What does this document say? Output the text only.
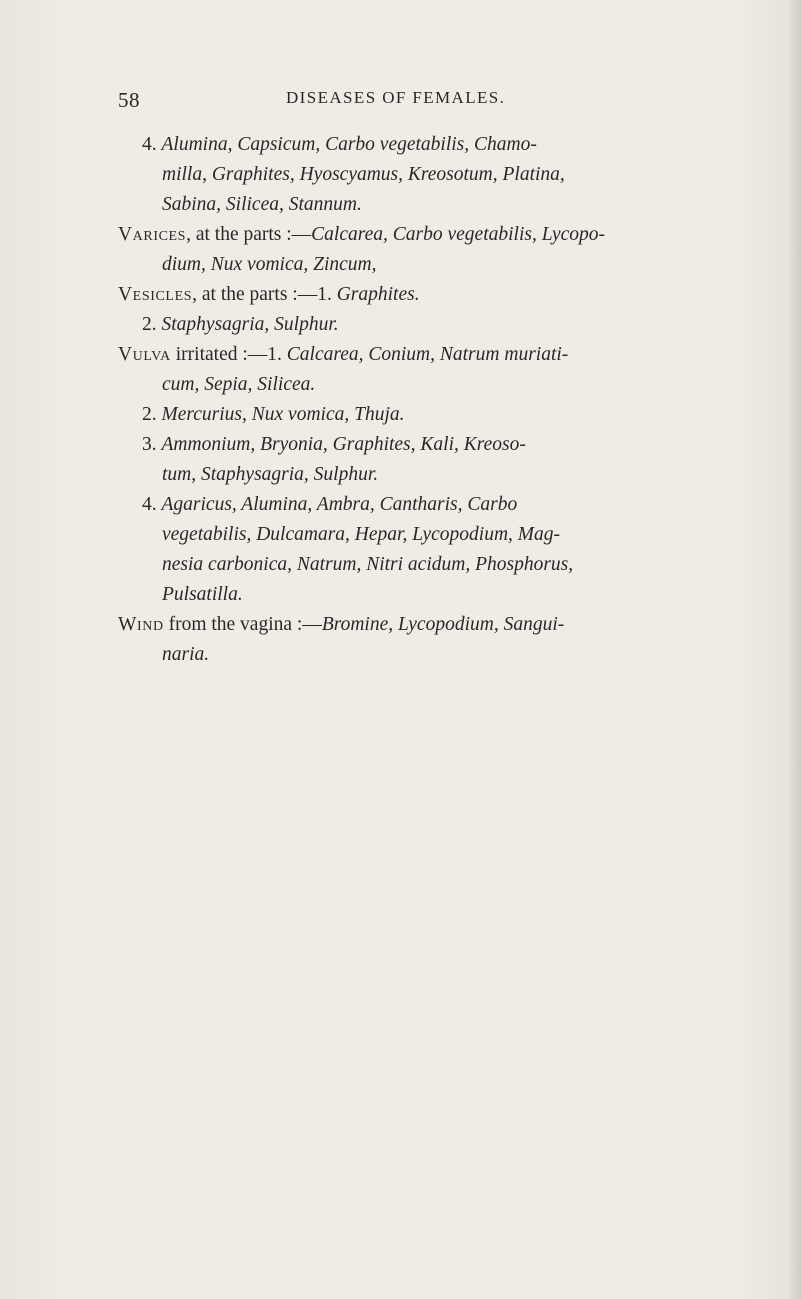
58	DISEASES OF FEMALES.
4. Alumina, Capsicum, Carbo vegetabilis, Chamo-
milla, Graphites, Hyoscyamus, Kreosotum, Platina,
Sabina, Silicea, Stannum.
Varices, at the parts :—Calcarea, Carbo vegetabilis, Lycopo-
dium, Nux vomica, Zincum,
Vesicles, at the parts :—1. Graphites.
2. Staphysagria, Sulphur.
Vulva irritated :—1. Calcarea, Conium, Natrum muriati-
cum, Sepia, Silicea.
2. Mercurius, Nux vomica, Thuja.
3. Ammonium, Bryonia, Graphites, Kali, Kreoso-
tum, Staphysagria, Sulphur.
4. Agaricus, Alumina, Ambra, Cantharis, Carbo
vegetabilis, Dulcamara, Hepar, Lycopodium, Mag-
nesia carbonica, Natrum, Nitri acidum, Phosphorus,
Pulsatilla.
Wind from the vagina :—Bromine, Lycopodium, Sangui-
naria.
